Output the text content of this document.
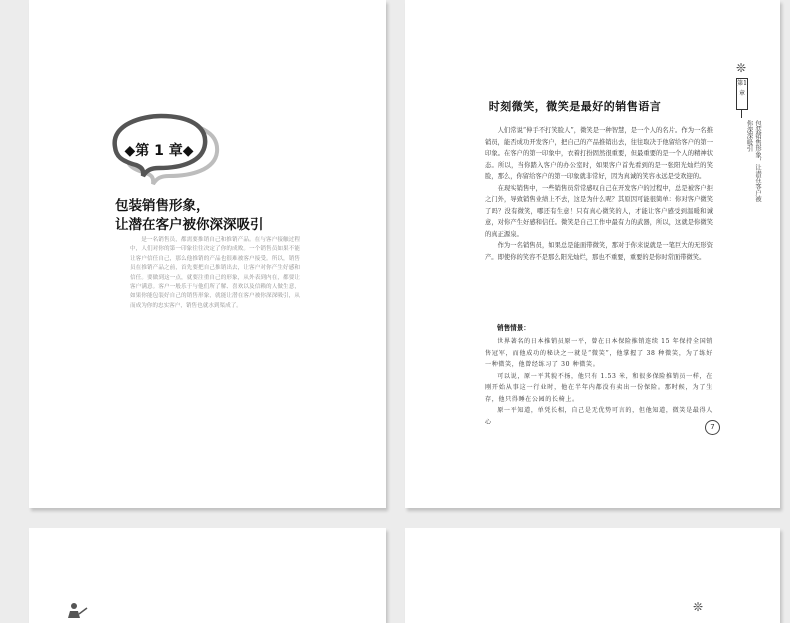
◆第 1 章◆
包装销售形象，
让潜在客户被你深深吸引

是一名销售员，都需要推销自己和推销产品。在与客户接触过程中，人们对你的第一印象往往决定了你的成败。一个销售员如果不能让客户信任自己，那么他推销的产品也很难被客户接受。所以，销售员在推销产品之前，首先要把自己推销出去，让客户对你产生好感和信任。要做到这一点，就要注重自己的形象，从外表到内在，都要让客户满意。客户一般乐于与他们所了解、喜欢以及信赖的人做生意，如果你能包装好自己的销售形象，就能让潜在客户被你深深吸引，从而成为你的忠实客户，销售也就水到渠成了。

❊
第1章
包装销售形象，让潜在客户被你深深吸引
时刻微笑，微笑是最好的销售语言

人们常说“伸手不打笑脸人”，微笑是一种智慧，是一个人的名片。作为一名推销员，能否成功开发客户，把自己的产品推销出去，往往取决于他留给客户的第一印象。在客户的第一印象中，衣着打扮固然很重要，但最重要的是一个人的精神状态。所以，当你踏入客户的办公室时，如果客户首先看到的是一张阳光灿烂的笑脸，那么，你留给客户的第一印象就非常好，因为真诚的笑容永远是受欢迎的。

在现实销售中，一些销售员常常感叹自己在开发客户的过程中，总是被客户拒之门外，导致销售业绩上不去，这是为什么呢？其原因可能很简单：你对客户微笑了吗？没有微笑，哪还有生意！只有真心微笑的人，才能让客户感受到温暖和诚意，对你产生好感和信任。微笑是自己工作中最有力的武器，所以，这就是你微笑的真正源泉。

作为一名销售员，如果总是能面带微笑，那对于你来说就是一笔巨大的无形资产。即使你的笑容不是那么阳光灿烂，那也不重要，重要的是你时常面带微笑。

销售情景：

世界著名的日本推销员原一平，曾在日本保险推销连续 15 年保持全国销售冠军，而他成功的秘诀之一就是“微笑”，他掌握了 38 种微笑，为了练好一种微笑，他曾经练习了 30 种微笑。

可以说，原一平其貌不扬，他只有 1.53 米，和很多保险推销员一样，在刚开始从事这一行业时，他在半年内都没有卖出一份保险。那时候，为了生存，他只得睡在公园的长椅上。

原一平知道，单凭长相，自己是无优势可言的，但他知道，微笑是最得人心

7
❊
